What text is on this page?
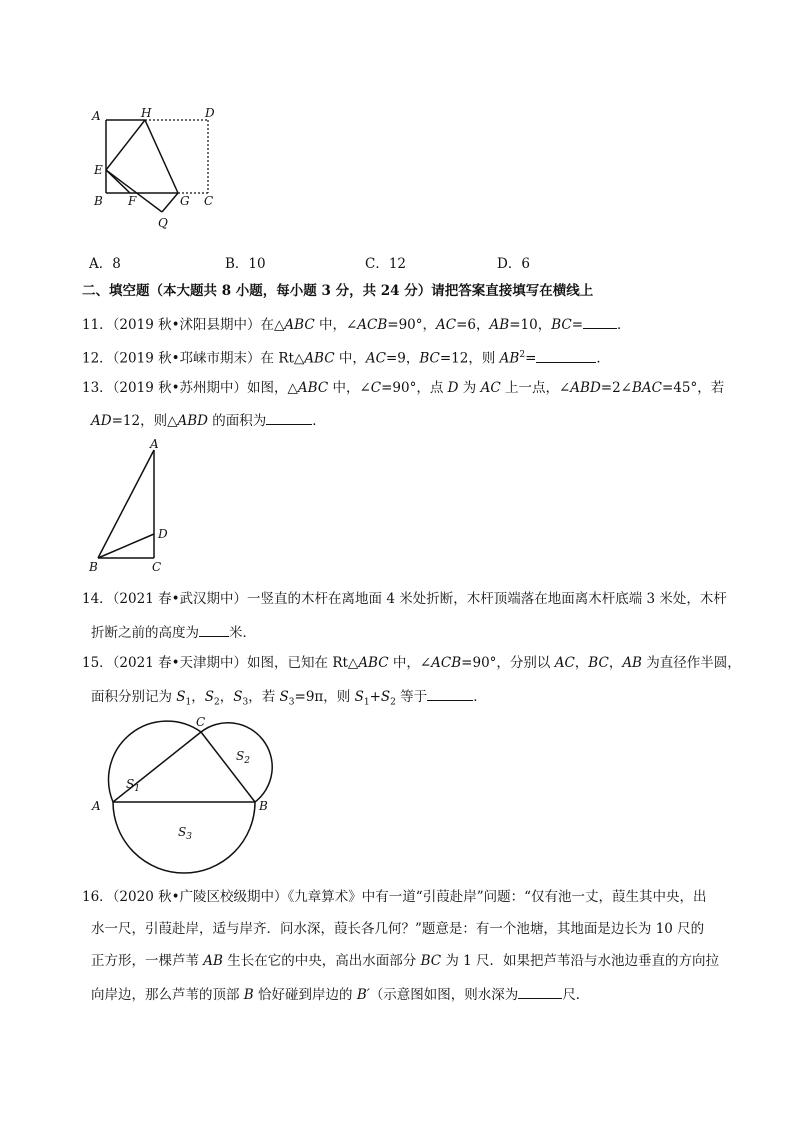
A	H	D
E
B F	G C
Q
A．8	B．10	C．12	D．6
二、填空题（本大题共 8 小题，每小题 3 分，共 24 分）请把答案直接填写在横线上
11．（2019 秋•沭阳县期中）在△ABC 中，∠ACB=90°，AC=6，AB=10，BC=	．
12．（2019 秋•邛崃市期末）在 Rt△ABC 中，AC=9，BC=12，则 $AB^2=$	．
13．（2019 秋•苏州期中）如图，△ABC 中，∠C=90°，点 D 为 AC 上一点，∠ABD=2∠BAC=45°，若
AD=12，则△ABD 的面积为	．
A
D
B	C
14．（2021 春•武汉期中）一竖直的木杆在离地面 4 米处折断，木杆顶端落在地面离木杆底端 3 米处，木杆
折断之前的高度为 米．
15．（2021 春•天津期中）如图，已知在 Rt△ABC 中，∠ACB=90°，分别以 AC，BC，AB 为直径作半圆，
面积分别记为 $S_1$，$S_2$，$S_3$，若 $S_3=9\pi$，则 $S_1+S_2$ 等于	．
$S_1$
$S_2$
$S_3$
A	B
C
16．（2020 秋•广陵区校级期中）《九章算术》中有一道“引葭赴岸”问题：“仅有池一丈，葭生其中央，出
水一尺，引葭赴岸，适与岸齐．问水深，葭长各几何？”题意是：有一个池塘，其地面是边长为 10 尺的
正方形，一棵芦苇 AB 生长在它的中央，高出水面部分 BC 为 1 尺．如果把芦苇沿与水池边垂直的方向拉
向岸边，那么芦苇的顶部 B 恰好碰到岸边的 B′（示意图如图，则水深为	尺．
